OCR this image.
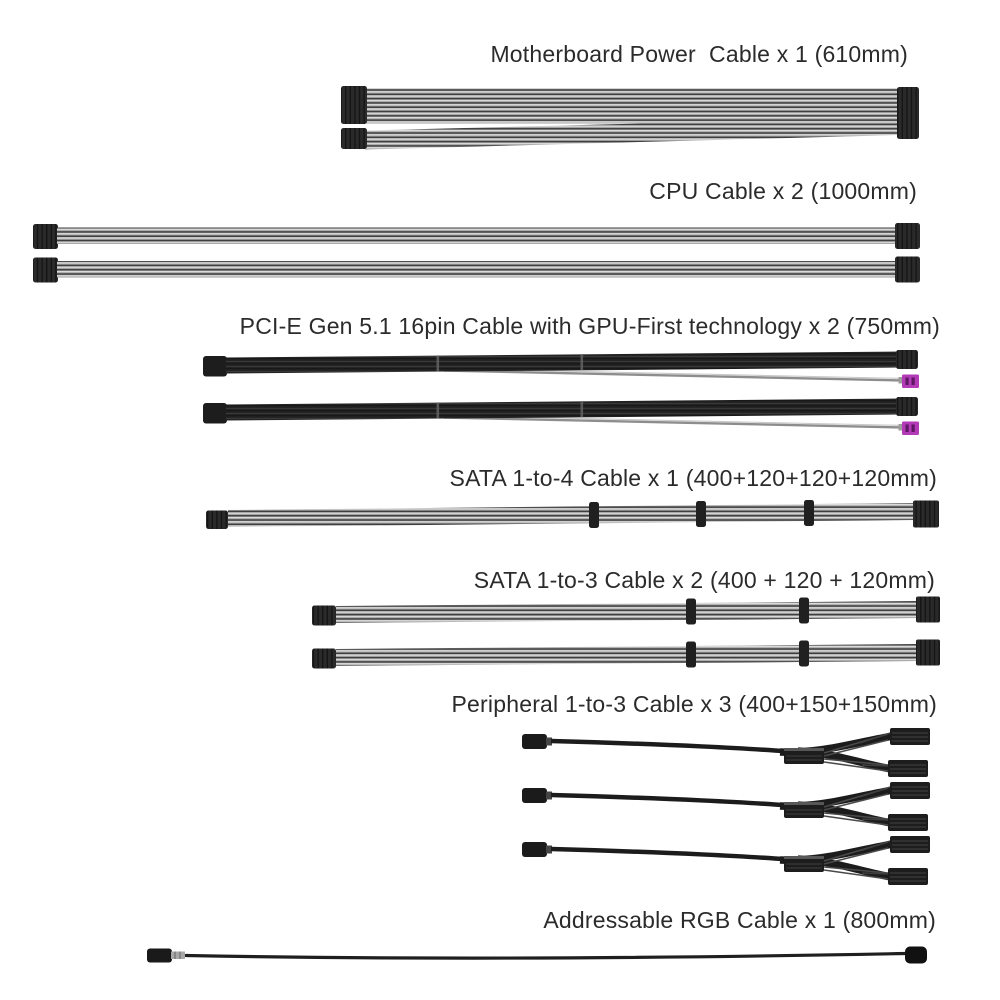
Motherboard Power  Cable x 1 (610mm)
CPU Cable x 2 (1000mm)
PCI-E Gen 5.1 16pin Cable with GPU-First technology x 2 (750mm)
SATA 1-to-4 Cable x 1 (400+120+120+120mm)
SATA 1-to-3 Cable x 2 (400 + 120 + 120mm)
Peripheral 1-to-3 Cable x 3 (400+150+150mm)
Addressable RGB Cable x 1 (800mm)
